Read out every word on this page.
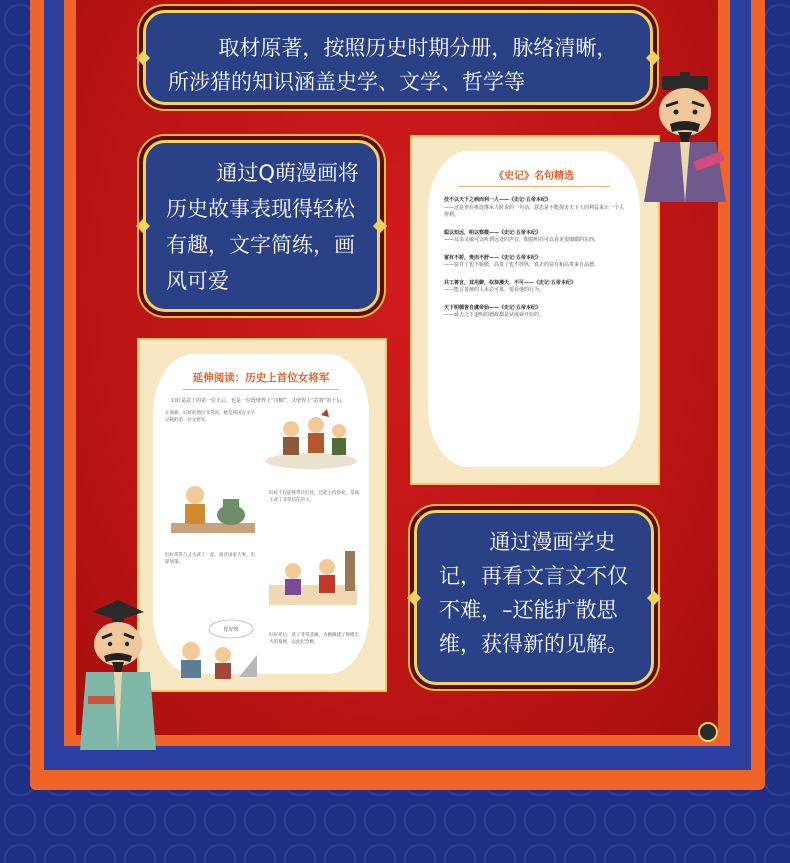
取材原著，按照历史时期分册，脉络清晰，所涉猎的知识涵盖史学、文学、哲学等
通过Q萌漫画将历史故事表现得轻松有趣，文字简练，画风可爱
通过漫画学史记，再看文言文不仅不难，–还能扩散思维，获得新的见解。
《史记》名句精选
技不以天下之病而利一人——《史记·五帝本纪》
——这是尧在挑选继承人时说的一句话，意思是不能损害天下人的利益来让一个人得利。
聪以知远，明以察微——《史记·五帝本纪》
——耳朵灵敏可以听到远处的声音，眼睛明亮可以看见很细微的东西。
富有不骄，贵而不舒——《史记·五帝本纪》
——富有了也不娇傲，高贵了也不放纵，真正的富有和高贵来自品德。
共工善言，其用僻，似恭漫天，不可——《史记·五帝本纪》
——能言善辩的人未必可靠，要看他的行为。
天下明德皆自虞帝始——《史记·五帝本纪》
——舜天之下道明的德政都是从虞舜开始的。
延伸阅读：历史上首位女将军
妇好是武丁的第一位王后，也是一位既壁得上“巾帼”，又壁得上“武将”的王后。
在商朝，妇好的地位非常高，她是我国有文字记载的第一位女将军。
妇好不仅能够带兵打仗，还能主持祭祀，是商王武丁非常信任的人。
妇好常常与丈夫武丁一起，商讨国家大事，出谋划策。
你好呀
妇好死后，武丁非常悲痛，为她修建了规模宏大的墓葬，以此纪念她。
